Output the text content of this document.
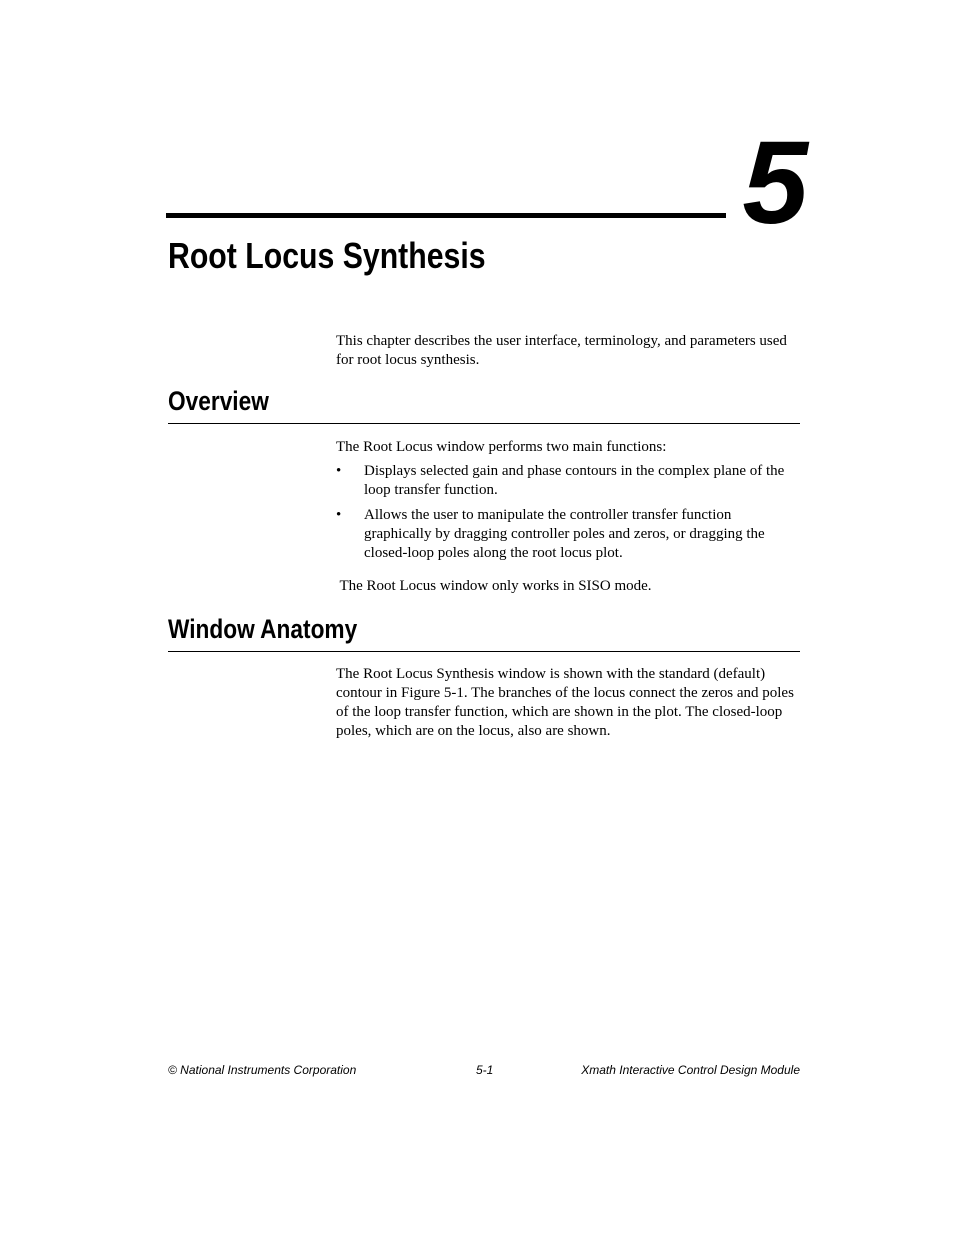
5
Root Locus Synthesis

This chapter describes the user interface, terminology, and parameters used for root locus synthesis.

Overview

The Root Locus window performs two main functions:

• Displays selected gain and phase contours in the complex plane of the loop transfer function.
• Allows the user to manipulate the controller transfer function graphically by dragging controller poles and zeros, or dragging the closed-loop poles along the root locus plot.

The Root Locus window only works in SISO mode.

Window Anatomy

The Root Locus Synthesis window is shown with the standard (default) contour in Figure 5-1. The branches of the locus connect the zeros and poles of the loop transfer function, which are shown in the plot. The closed-loop poles, which are on the locus, also are shown.

© National Instruments Corporation	5-1	Xmath Interactive Control Design Module
